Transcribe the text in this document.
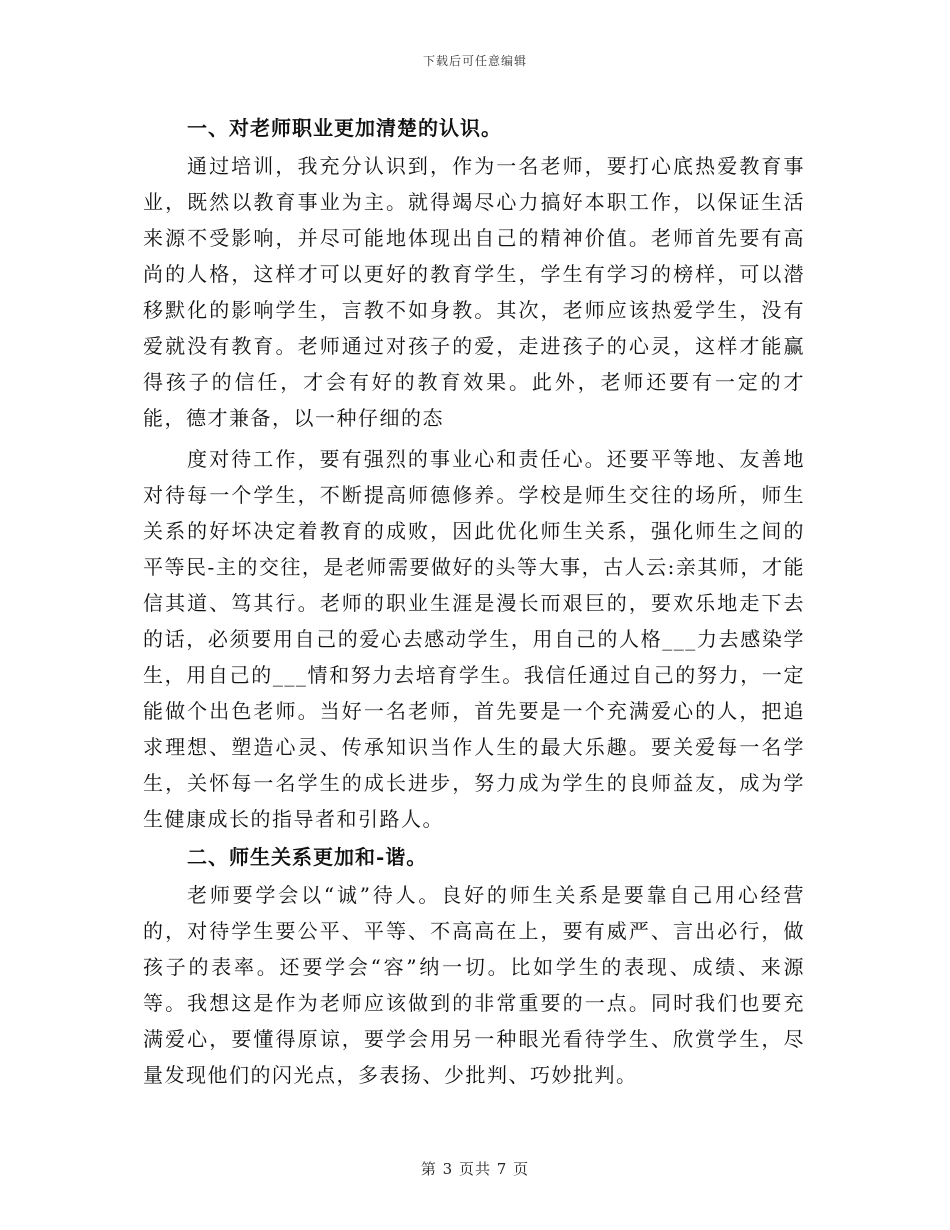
下载后可任意编辑

一、对老师职业更加清楚的认识。

通过培训，我充分认识到，作为一名老师，要打心底热爱教育事业，既然以教育事业为主。就得竭尽心力搞好本职工作，以保证生活来源不受影响，并尽可能地体现出自己的精神价值。老师首先要有高尚的人格，这样才可以更好的教育学生，学生有学习的榜样，可以潜移默化的影响学生，言教不如身教。其次，老师应该热爱学生，没有爱就没有教育。老师通过对孩子的爱，走进孩子的心灵，这样才能赢得孩子的信任，才会有好的教育效果。此外，老师还要有一定的才能，德才兼备，以一种仔细的态

度对待工作，要有强烈的事业心和责任心。还要平等地、友善地对待每一个学生，不断提高师德修养。学校是师生交往的场所，师生关系的好坏决定着教育的成败，因此优化师生关系，强化师生之间的平等民-主的交往，是老师需要做好的头等大事，古人云:亲其师，才能信其道、笃其行。老师的职业生涯是漫长而艰巨的，要欢乐地走下去的话，必须要用自己的爱心去感动学生，用自己的人格___力去感染学生，用自己的___情和努力去培育学生。我信任通过自己的努力，一定能做个出色老师。当好一名老师，首先要是一个充满爱心的人，把追求理想、塑造心灵、传承知识当作人生的最大乐趣。要关爱每一名学生，关怀每一名学生的成长进步，努力成为学生的良师益友，成为学生健康成长的指导者和引路人。

二、师生关系更加和-谐。

老师要学会以“诚”待人。良好的师生关系是要靠自己用心经营的，对待学生要公平、平等、不高高在上，要有威严、言出必行，做孩子的表率。还要学会“容”纳一切。比如学生的表现、成绩、来源等。我想这是作为老师应该做到的非常重要的一点。同时我们也要充满爱心，要懂得原谅，要学会用另一种眼光看待学生、欣赏学生，尽量发现他们的闪光点，多表扬、少批判、巧妙批判。

第 3 页共 7 页
